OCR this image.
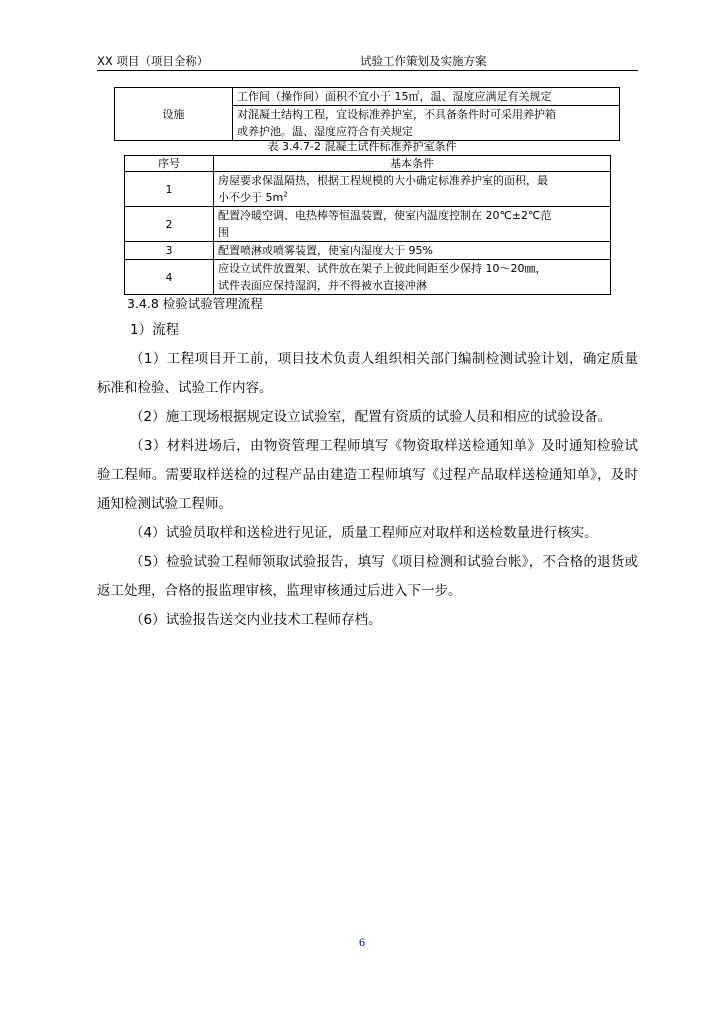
XX 项目（项目全称）	试验工作策划及实施方案
设施	工作间（操作间）面积不宜小于 15㎡，温、湿度应满足有关规定

对混凝土结构工程，宜设标准养护室，不具备条件时可采用养护箱
或养护池。温、湿度应符合有关规定
表 3.4.7-2 混凝土试件标准养护室条件
序号	基本条件
1	房屋要求保温隔热，根据工程规模的大小确定标准养护室的面积，最
小不少于 $5m^2$

2	配置冷暖空调、电热棒等恒温装置，使室内温度控制在 20℃±2℃范
围

3	配置喷淋或喷雾装置，使室内湿度大于 95%

4	应设立试件放置架、试件放在架子上彼此间距至少保持 10～20㎜，
试件表面应保持湿润，并不得被水直接冲淋
3.4.8 检验试验管理流程

1）流程

（1）工程项目开工前，项目技术负责人组织相关部门编制检测试验计划，确定质量标准和检验、试验工作内容。

（2）施工现场根据规定设立试验室，配置有资质的试验人员和相应的试验设备。

（3）材料进场后，由物资管理工程师填写《物资取样送检通知单》及时通知检验试验工程师。需要取样送检的过程产品由建造工程师填写《过程产品取样送检通知单》，及时通知检测试验工程师。

（4）试验员取样和送检进行见证，质量工程师应对取样和送检数量进行核实。

（5）检验试验工程师领取试验报告，填写《项目检测和试验台帐》，不合格的退货或返工处理，合格的报监理审核，监理审核通过后进入下一步。

（6）试验报告送交内业技术工程师存档。

6
